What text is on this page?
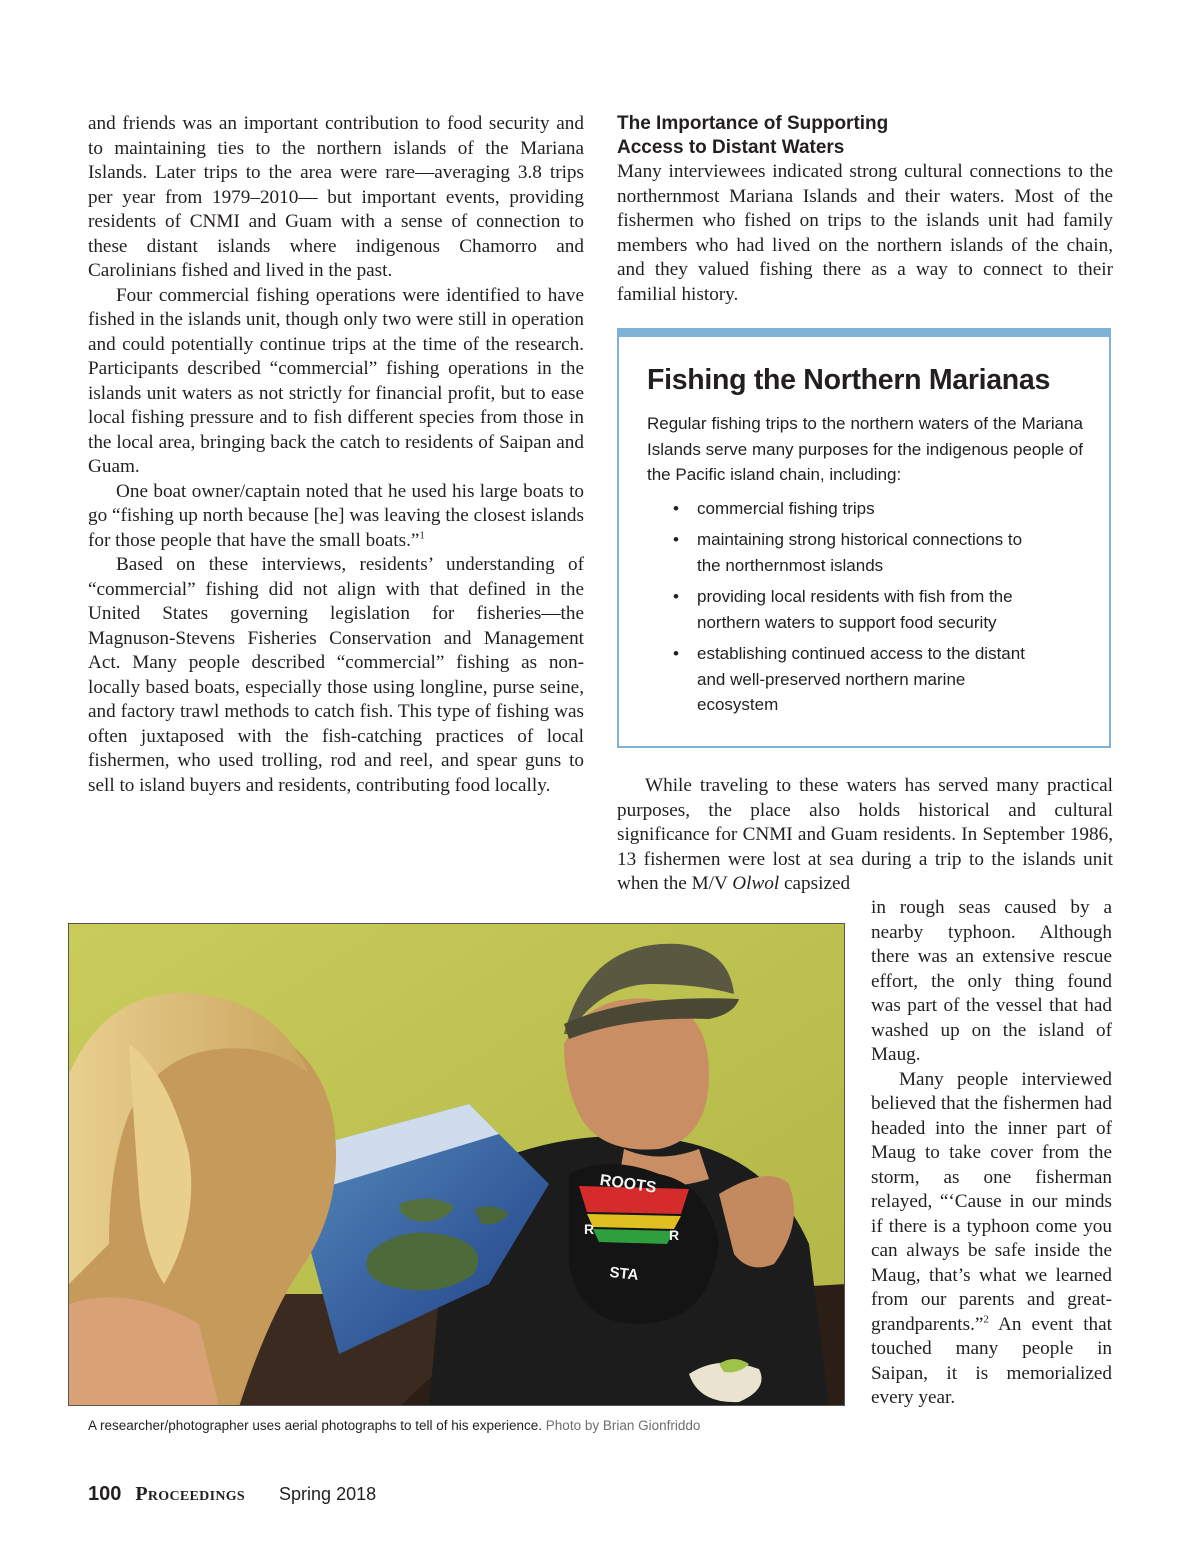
and friends was an important contribution to food security and to maintaining ties to the northern islands of the Mariana Islands. Later trips to the area were rare—averaging 3.8 trips per year from 1979–2010— but important events, providing residents of CNMI and Guam with a sense of connection to these distant islands where indigenous Chamorro and Carolinians fished and lived in the past.

Four commercial fishing operations were identified to have fished in the islands unit, though only two were still in operation and could potentially continue trips at the time of the research. Participants described “commercial” fishing operations in the islands unit waters as not strictly for financial profit, but to ease local fishing pressure and to fish different species from those in the local area, bringing back the catch to residents of Saipan and Guam.

One boat owner/captain noted that he used his large boats to go “fishing up north because [he] was leaving the closest islands for those people that have the small boats.”$^1$

Based on these interviews, residents’ understanding of “commercial” fishing did not align with that defined in the United States governing legislation for fisheries—the Magnuson-Stevens Fisheries Conservation and Management Act. Many people described “commercial” fishing as non-locally based boats, especially those using longline, purse seine, and factory trawl methods to catch fish. This type of fishing was often juxtaposed with the fish-catching practices of local fishermen, who used trolling, rod and reel, and spear guns to sell to island buyers and residents, contributing food locally.

The Importance of Supporting
Access to Distant Waters

Many interviewees indicated strong cultural connections to the northernmost Mariana Islands and their waters. Most of the fishermen who fished on trips to the islands unit had family members who had lived on the northern islands of the chain, and they valued fishing there as a way to connect to their familial history.

Fishing the Northern Marianas
Regular fishing trips to the northern waters of the Mariana Islands serve many purposes for the indigenous people of the Pacific island chain, including:
• commercial fishing trips
• maintaining strong historical connections to the northernmost islands
• providing local residents with fish from the northern waters to support food security
• establishing continued access to the distant and well-preserved northern marine ecosystem

While traveling to these waters has served many practical purposes, the place also holds historical and cultural significance for CNMI and Guam residents. In September 1986, 13 fishermen were lost at sea during a trip to the islands unit when the M/V Olwol capsized

in rough seas caused by a nearby typhoon. Although there was an extensive rescue effort, the only thing found was part of the vessel that had washed up on the island of Maug.

Many people interviewed believed that the fishermen had headed into the inner part of Maug to take cover from the storm, as one fisherman relayed, “‘Cause in our minds if there is a typhoon come you can always be safe inside the Maug, that’s what we learned from our parents and great-grandparents.”$^2$ An event that touched many people in Saipan, it is memorialized every year.

ROOTS
R	R
STA
A researcher/photographer uses aerial photographs to tell of his experience. Photo by Brian Gionfriddo
100 Proceedings Spring 2018
